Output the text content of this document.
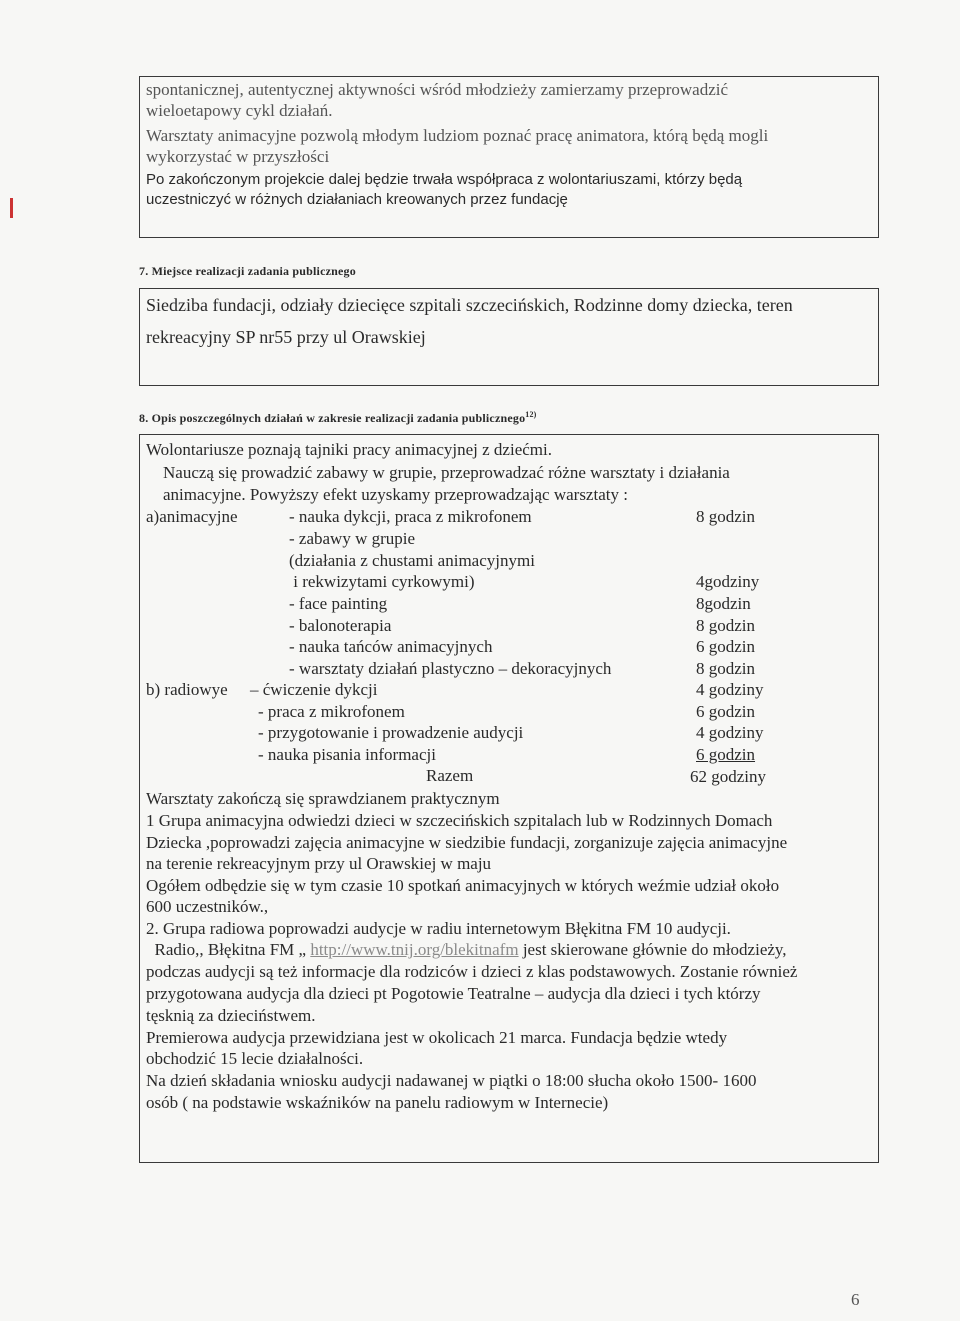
spontanicznej, autentycznej aktywności wśród młodzieży zamierzamy przeprowadzić
wieloetapowy cykl działań.
Warsztaty animacyjne pozwolą młodym ludziom poznać pracę animatora, którą będą mogli
wykorzystać w przyszłości
Po zakończonym projekcie dalej będzie trwała współpraca z wolontariuszami, którzy będą
uczestniczyć w różnych działaniach kreowanych przez fundację
7. Miejsce realizacji zadania publicznego
Siedziba fundacji, odziały dziecięce szpitali szczecińskich, Rodzinne domy dziecka, teren
rekreacyjny SP nr55 przy ul Orawskiej
8. Opis poszczególnych działań w zakresie realizacji zadania publicznego$^{12)}$
Wolontariusze poznają tajniki pracy animacyjnej z dziećmi.
Nauczą się prowadzić zabawy w grupie, przeprowadzać różne warsztaty i działania
animacyjne. Powyższy efekt uzyskamy przeprowadzając warsztaty :
a)animacyjne	- nauka dykcji, praca z mikrofonem	8 godzin
- zabawy w grupie
(działania z chustami animacyjnymi
i rekwizytami cyrkowymi)	4godziny
- face painting	8godzin
- balonoterapia	8 godzin
- nauka tańców animacyjnych	6 godzin
- warsztaty działań plastyczno – dekoracyjnych	8 godzin
b) radiowye – ćwiczenie dykcji	4 godziny
- praca z mikrofonem	6 godzin
- przygotowanie i prowadzenie audycji	4 godziny
- nauka pisania informacji	6 godzin
Razem	62 godziny
Warsztaty zakończą się sprawdzianem praktycznym
1 Grupa animacyjna odwiedzi dzieci w szczecińskich szpitalach lub w Rodzinnych Domach
Dziecka ,poprowadzi zajęcia animacyjne w siedzibie fundacji, zorganizuje zajęcia animacyjne
na terenie rekreacyjnym przy ul Orawskiej w maju
Ogółem odbędzie się w tym czasie 10 spotkań animacyjnych w których weźmie udział około
600 uczestników.,
2. Grupa radiowa poprowadzi audycje w radiu internetowym Błękitna FM 10 audycji.
Radio,, Błękitna FM „ http://www.tnij.org/blekitnafm jest skierowane głównie do młodzieży,
podczas audycji są też informacje dla rodziców i dzieci z klas podstawowych. Zostanie również
przygotowana audycja dla dzieci pt Pogotowie Teatralne – audycja dla dzieci i tych którzy
tęsknią za dzieciństwem.
Premierowa audycja przewidziana jest w okolicach 21 marca. Fundacja będzie wtedy
obchodzić 15 lecie działalności.
Na dzień składania wniosku audycji nadawanej w piątki o 18:00 słucha około 1500- 1600
osób ( na podstawie wskaźników na panelu radiowym w Internecie)
6
